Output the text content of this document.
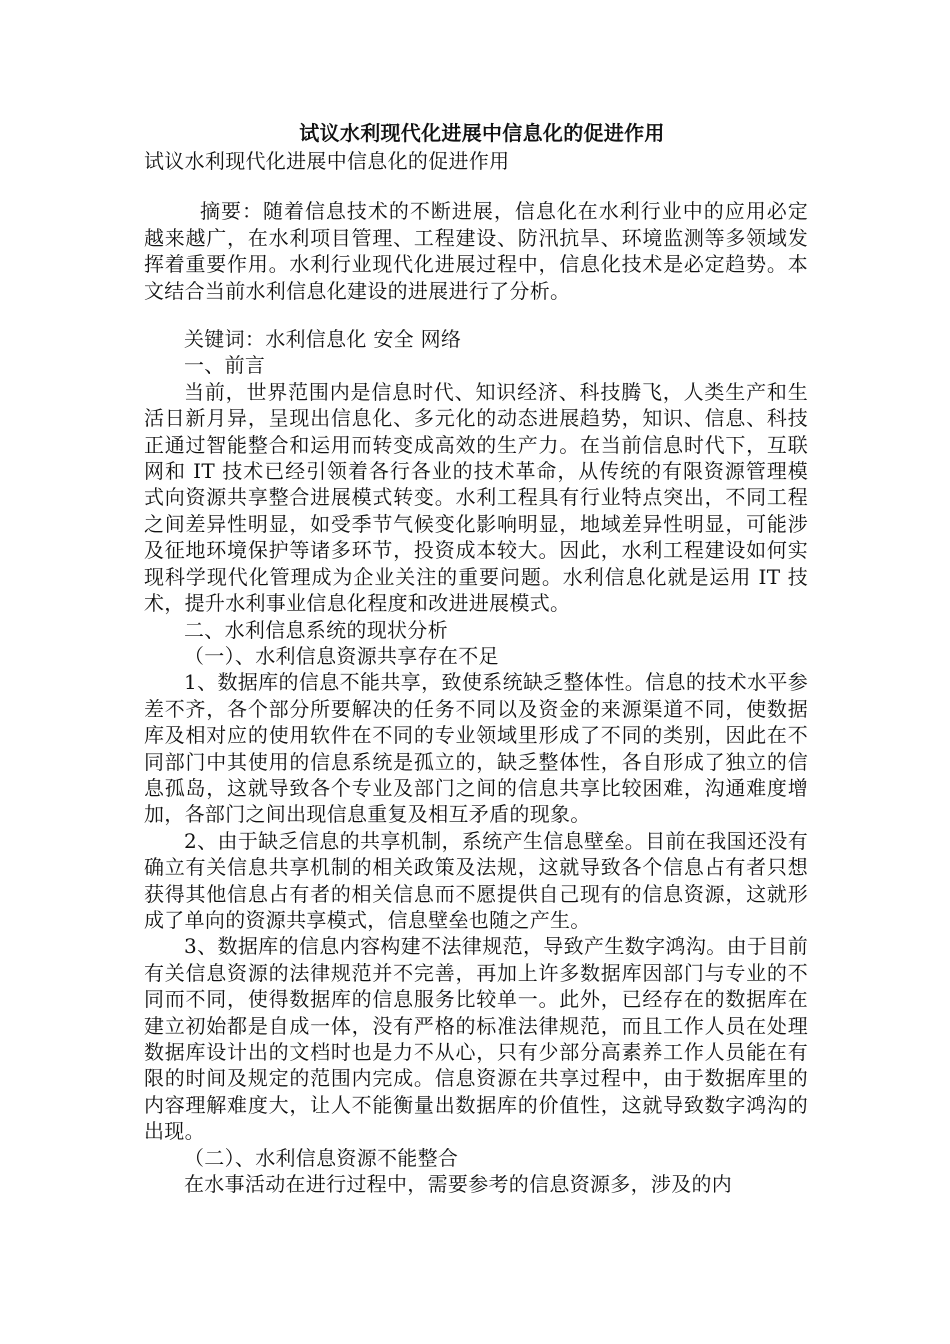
试议水利现代化进展中信息化的促进作用

试议水利现代化进展中信息化的促进作用

摘要：随着信息技术的不断进展，信息化在水利行业中的应用必定越来越广，在水利项目管理、工程建设、防汛抗旱、环境监测等多领域发挥着重要作用。水利行业现代化进展过程中，信息化技术是必定趋势。本文结合当前水利信息化建设的进展进行了分析。

关键词：水利信息化 安全 网络

一、前言

当前，世界范围内是信息时代、知识经济、科技腾飞，人类生产和生活日新月异，呈现出信息化、多元化的动态进展趋势，知识、信息、科技正通过智能整合和运用而转变成高效的生产力。在当前信息时代下，互联网和 IT 技术已经引领着各行各业的技术革命，从传统的有限资源管理模式向资源共享整合进展模式转变。水利工程具有行业特点突出，不同工程之间差异性明显，如受季节气候变化影响明显，地域差异性明显，可能涉及征地环境保护等诸多环节，投资成本较大。因此，水利工程建设如何实现科学现代化管理成为企业关注的重要问题。水利信息化就是运用 IT 技术，提升水利事业信息化程度和改进进展模式。

二、水利信息系统的现状分析

（一）、水利信息资源共享存在不足

1、数据库的信息不能共享，致使系统缺乏整体性。信息的技术水平参差不齐，各个部分所要解决的任务不同以及资金的来源渠道不同，使数据库及相对应的使用软件在不同的专业领域里形成了不同的类别，因此在不同部门中其使用的信息系统是孤立的，缺乏整体性，各自形成了独立的信息孤岛，这就导致各个专业及部门之间的信息共享比较困难，沟通难度增加，各部门之间出现信息重复及相互矛盾的现象。

2、由于缺乏信息的共享机制，系统产生信息壁垒。目前在我国还没有确立有关信息共享机制的相关政策及法规，这就导致各个信息占有者只想获得其他信息占有者的相关信息而不愿提供自己现有的信息资源，这就形成了单向的资源共享模式，信息壁垒也随之产生。

3、数据库的信息内容构建不法律规范，导致产生数字鸿沟。由于目前有关信息资源的法律规范并不完善，再加上许多数据库因部门与专业的不同而不同，使得数据库的信息服务比较单一。此外，已经存在的数据库在建立初始都是自成一体，没有严格的标准法律规范，而且工作人员在处理数据库设计出的文档时也是力不从心，只有少部分高素养工作人员能在有限的时间及规定的范围内完成。信息资源在共享过程中，由于数据库里的内容理解难度大，让人不能衡量出数据库的价值性，这就导致数字鸿沟的出现。

（二）、水利信息资源不能整合

在水事活动在进行过程中，需要参考的信息资源多，涉及的内
